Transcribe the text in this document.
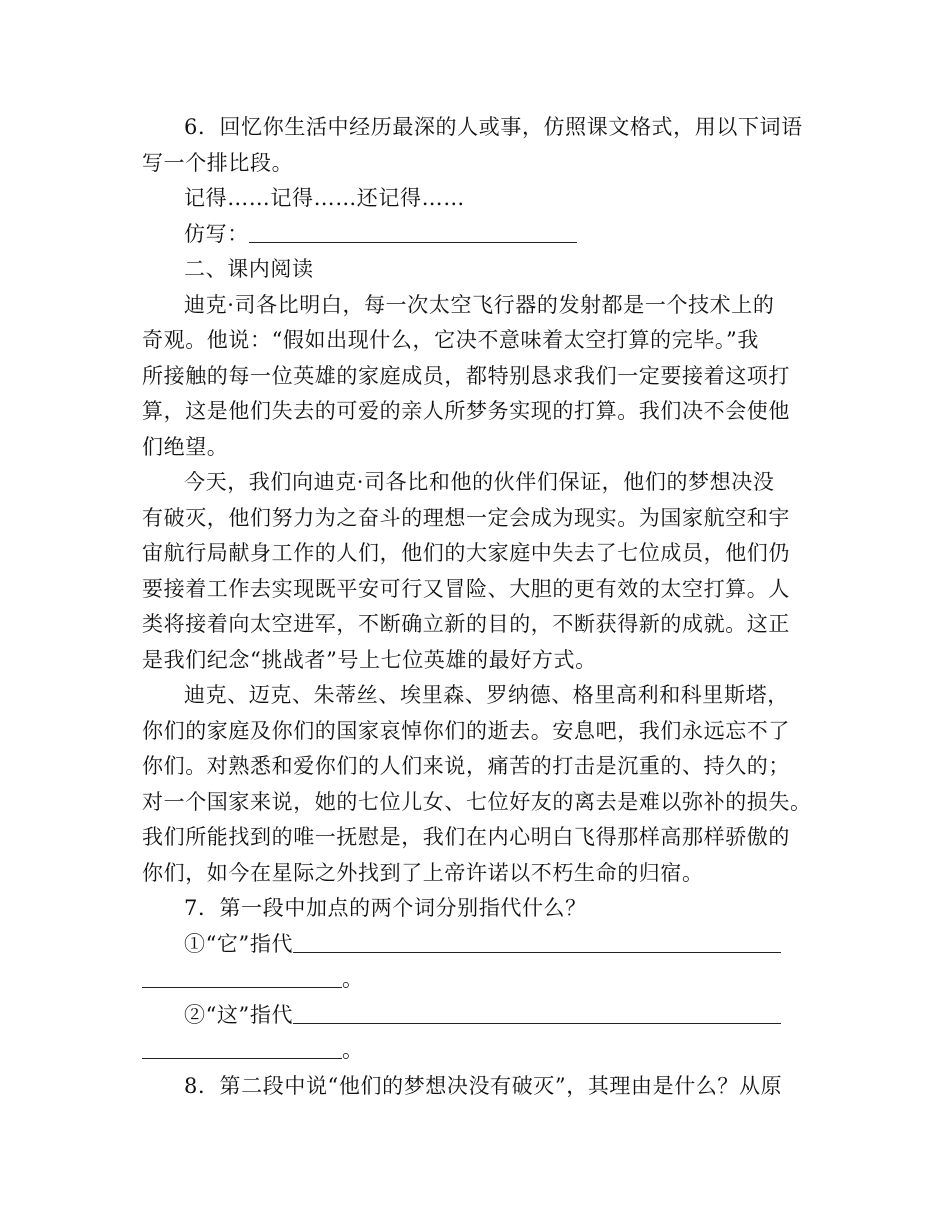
6．回忆你生活中经历最深的人或事，仿照课文格式，用以下词语
写一个排比段。
记得……记得……还记得……
仿写：
二、课内阅读
迪克·司各比明白，每一次太空飞行器的发射都是一个技术上的
奇观。他说：“假如出现什么，它决不意味着太空打算的完毕。”我
所接触的每一位英雄的家庭成员，都特别恳求我们一定要接着这项打
算，这是他们失去的可爱的亲人所梦务实现的打算。我们决不会使他
们绝望。
今天，我们向迪克·司各比和他的伙伴们保证，他们的梦想决没
有破灭，他们努力为之奋斗的理想一定会成为现实。为国家航空和宇
宙航行局献身工作的人们，他们的大家庭中失去了七位成员，他们仍
要接着工作去实现既平安可行又冒险、大胆的更有效的太空打算。人
类将接着向太空进军，不断确立新的目的，不断获得新的成就。这正
是我们纪念“挑战者”号上七位英雄的最好方式。
迪克、迈克、朱蒂丝、埃里森、罗纳德、格里高利和科里斯塔，
你们的家庭及你们的国家哀悼你们的逝去。安息吧，我们永远忘不了
你们。对熟悉和爱你们的人们来说，痛苦的打击是沉重的、持久的；
对一个国家来说，她的七位儿女、七位好友的离去是难以弥补的损失。
我们所能找到的唯一抚慰是，我们在内心明白飞得那样高那样骄傲的
你们，如今在星际之外找到了上帝许诺以不朽生命的归宿。
7．第一段中加点的两个词分别指代什么？
①“它”指代
。
②“这”指代
。
8．第二段中说“他们的梦想决没有破灭”，其理由是什么？从原
